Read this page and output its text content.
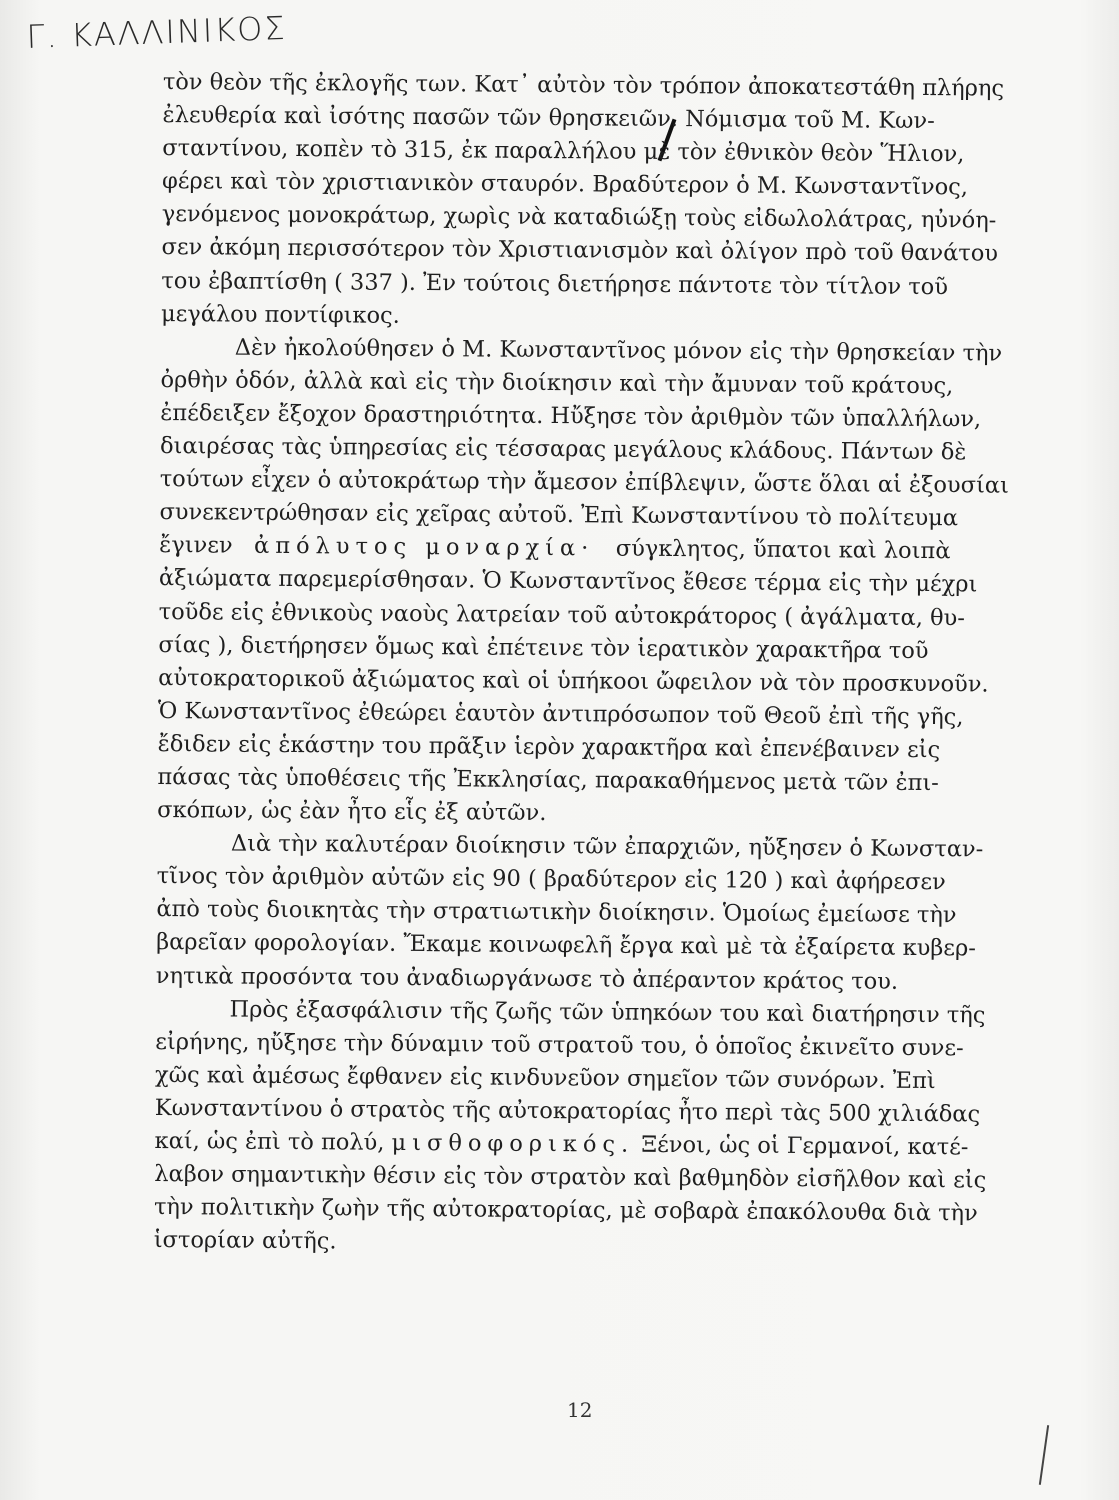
Γ. ΚΑΛΛΙΝΙΚΟΣ

τὸν θεὸν τῆς ἐκλογῆς των. Κατ᾽ αὐτὸν τὸν τρόπον ἀποκατεστάθη πλήρης
ἐλευθερία καὶ ἰσότης πασῶν τῶν θρησκειῶν. Νόμισμα τοῦ Μ. Κων-
σταντίνου, κοπὲν τὸ 315, ἐκ παραλλήλου μὲ τὸν ἐθνικὸν θεὸν Ἥλιον,
φέρει καὶ τὸν χριστιανικὸν σταυρόν. Βραδύτερον ὁ Μ. Κωνσταντῖνος,
γενόμενος μονοκράτωρ, χωρὶς νὰ καταδιώξῃ τοὺς εἰδωλολάτρας, ηὐνόη-
σεν ἀκόμη περισσότερον τὸν Χριστιανισμὸν καὶ ὀλίγον πρὸ τοῦ θανάτου
του ἐβαπτίσθη ( 337 ). Ἐν τούτοις διετήρησε πάντοτε τὸν τίτλον τοῦ
μεγάλου ποντίφικος.

Δὲν ἠκολούθησεν ὁ Μ. Κωνσταντῖνος μόνον εἰς τὴν θρησκείαν τὴν
ὀρθὴν ὁδόν, ἀλλὰ καὶ εἰς τὴν διοίκησιν καὶ τὴν ἄμυναν τοῦ κράτους,
ἐπέδειξεν ἔξοχον δραστηριότητα. Ηὔξησε τὸν ἀριθμὸν τῶν ὑπαλλήλων,
διαιρέσας τὰς ὑπηρεσίας εἰς τέσσαρας μεγάλους κλάδους. Πάντων δὲ
τούτων εἶχεν ὁ αὐτοκράτωρ τὴν ἄμεσον ἐπίβλεψιν, ὥστε ὅλαι αἱ ἐξουσίαι
συνεκεντρώθησαν εἰς χεῖρας αὐτοῦ. Ἐπὶ Κωνσταντίνου τὸ πολίτευμα
ἔγινεν ἀπόλυτος μοναρχία· σύγκλητος, ὕπατοι καὶ λοιπὰ
ἀξιώματα παρεμερίσθησαν. Ὁ Κωνσταντῖνος ἔθεσε τέρμα εἰς τὴν μέχρι
τοῦδε εἰς ἐθνικοὺς ναοὺς λατρείαν τοῦ αὐτοκράτορος ( ἀγάλματα, θυ-
σίας ), διετήρησεν ὅμως καὶ ἐπέτεινε τὸν ἱερατικὸν χαρακτῆρα τοῦ
αὐτοκρατορικοῦ ἀξιώματος καὶ οἱ ὑπήκοοι ὤφειλον νὰ τὸν προσκυνοῦν.
Ὁ Κωνσταντῖνος ἐθεώρει ἑαυτὸν ἀντιπρόσωπον τοῦ Θεοῦ ἐπὶ τῆς γῆς,
ἔδιδεν εἰς ἑκάστην του πρᾶξιν ἱερὸν χαρακτῆρα καὶ ἐπενέβαινεν εἰς
πάσας τὰς ὑποθέσεις τῆς Ἐκκλησίας, παρακαθήμενος μετὰ τῶν ἐπι-
σκόπων, ὡς ἐὰν ἦτο εἷς ἐξ αὐτῶν.

Διὰ τὴν καλυτέραν διοίκησιν τῶν ἐπαρχιῶν, ηὔξησεν ὁ Κωνσταν-
τῖνος τὸν ἀριθμὸν αὐτῶν εἰς 90 ( βραδύτερον εἰς 120 ) καὶ ἀφήρεσεν
ἀπὸ τοὺς διοικητὰς τὴν στρατιωτικὴν διοίκησιν. Ὁμοίως ἐμείωσε τὴν
βαρεῖαν φορολογίαν. Ἔκαμε κοινωφελῆ ἔργα καὶ μὲ τὰ ἐξαίρετα κυβερ-
νητικὰ προσόντα του ἀναδιωργάνωσε τὸ ἀπέραντον κράτος του.

Πρὸς ἐξασφάλισιν τῆς ζωῆς τῶν ὑπηκόων του καὶ διατήρησιν τῆς
εἰρήνης, ηὔξησε τὴν δύναμιν τοῦ στρατοῦ του, ὁ ὁποῖος ἐκινεῖτο συνε-
χῶς καὶ ἀμέσως ἔφθανεν εἰς κινδυνεῦον σημεῖον τῶν συνόρων. Ἐπὶ
Κωνσταντίνου ὁ στρατὸς τῆς αὐτοκρατορίας ἦτο περὶ τὰς 500 χιλιάδας
καί, ὡς ἐπὶ τὸ πολύ, μισθοφορικός. Ξένοι, ὡς οἱ Γερμανοί, κατέ-
λαβον σημαντικὴν θέσιν εἰς τὸν στρατὸν καὶ βαθμηδὸν εἰσῆλθον καὶ εἰς
τὴν πολιτικὴν ζωὴν τῆς αὐτοκρατορίας, μὲ σοβαρὰ ἐπακόλουθα διὰ τὴν
ἱστορίαν αὐτῆς.

12
